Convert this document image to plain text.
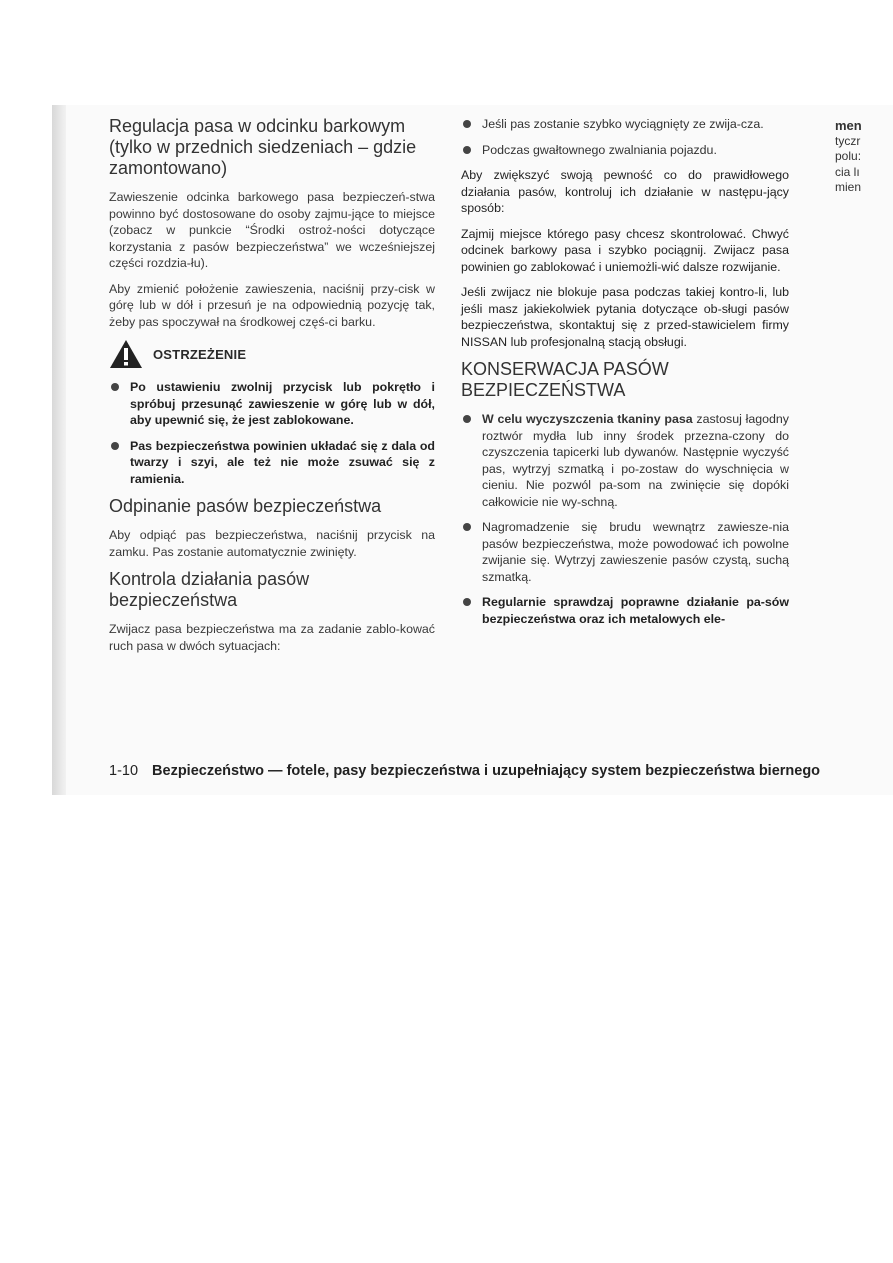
Regulacja pasa w odcinku barkowym (tylko w przednich siedzeniach – gdzie zamontowano)

Zawieszenie odcinka barkowego pasa bezpieczeń-stwa powinno być dostosowane do osoby zajmu-jące to miejsce (zobacz w punkcie “Środki ostroż-ności dotyczące korzystania z pasów bezpieczeństwa” we wcześniejszej części rozdzia-łu).

Aby zmienić położenie zawieszenia, naciśnij przy-cisk w górę lub w dół i przesuń je na odpowiednią pozycję tak, żeby pas spoczywał na środkowej częś-ci barku.

OSTRZEŻENIE
Po ustawieniu zwolnij przycisk lub pokrętło i spróbuj przesunąć zawieszenie w górę lub w dół, aby upewnić się, że jest zablokowane.
Pas bezpieczeństwa powinien układać się z dala od twarzy i szyi, ale też nie może zsuwać się z ramienia.
Odpinanie pasów bezpieczeństwa

Aby odpiąć pas bezpieczeństwa, naciśnij przycisk na zamku. Pas zostanie automatycznie zwinięty.

Kontrola działania pasów bezpieczeństwa

Zwijacz pasa bezpieczeństwa ma za zadanie zablo-kować ruch pasa w dwóch sytuacjach:

Jeśli pas zostanie szybko wyciągnięty ze zwija-cza.
Podczas gwałtownego zwalniania pojazdu.

Aby zwiększyć swoją pewność co do prawidłowego działania pasów, kontroluj ich działanie w następu-jący sposób:

Zajmij miejsce którego pasy chcesz skontrolować. Chwyć odcinek barkowy pasa i szybko pociągnij. Zwijacz pasa powinien go zablokować i uniemożli-wić dalsze rozwijanie.

Jeśli zwijacz nie blokuje pasa podczas takiej kontro-li, lub jeśli masz jakiekolwiek pytania dotyczące ob-sługi pasów bezpieczeństwa, skontaktuj się z przed-stawicielem firmy NISSAN lub profesjonalną stacją obsługi.

KONSERWACJA PASÓW BEZPIECZEŃSTWA
W celu wyczyszczenia tkaniny pasa zastosuj łagodny roztwór mydła lub inny środek przezna-czony do czyszczenia tapicerki lub dywanów. Następnie wyczyść pas, wytrzyj szmatką i po-zostaw do wyschnięcia w cieniu. Nie pozwól pa-som na zwinięcie się dopóki całkowicie nie wy-schną.
Nagromadzenie się brudu wewnątrz zawiesze-nia pasów bezpieczeństwa, może powodować ich powolne zwijanie się. Wytrzyj zawieszenie pasów czystą, suchą szmatką.
Regularnie sprawdzaj poprawne działanie pa-sów bezpieczeństwa oraz ich metalowych ele-
men
tyczr
polu:
cia lı
mien
1-10 Bezpieczeństwo — fotele, pasy bezpieczeństwa i uzupełniający system bezpieczeństwa biernego
